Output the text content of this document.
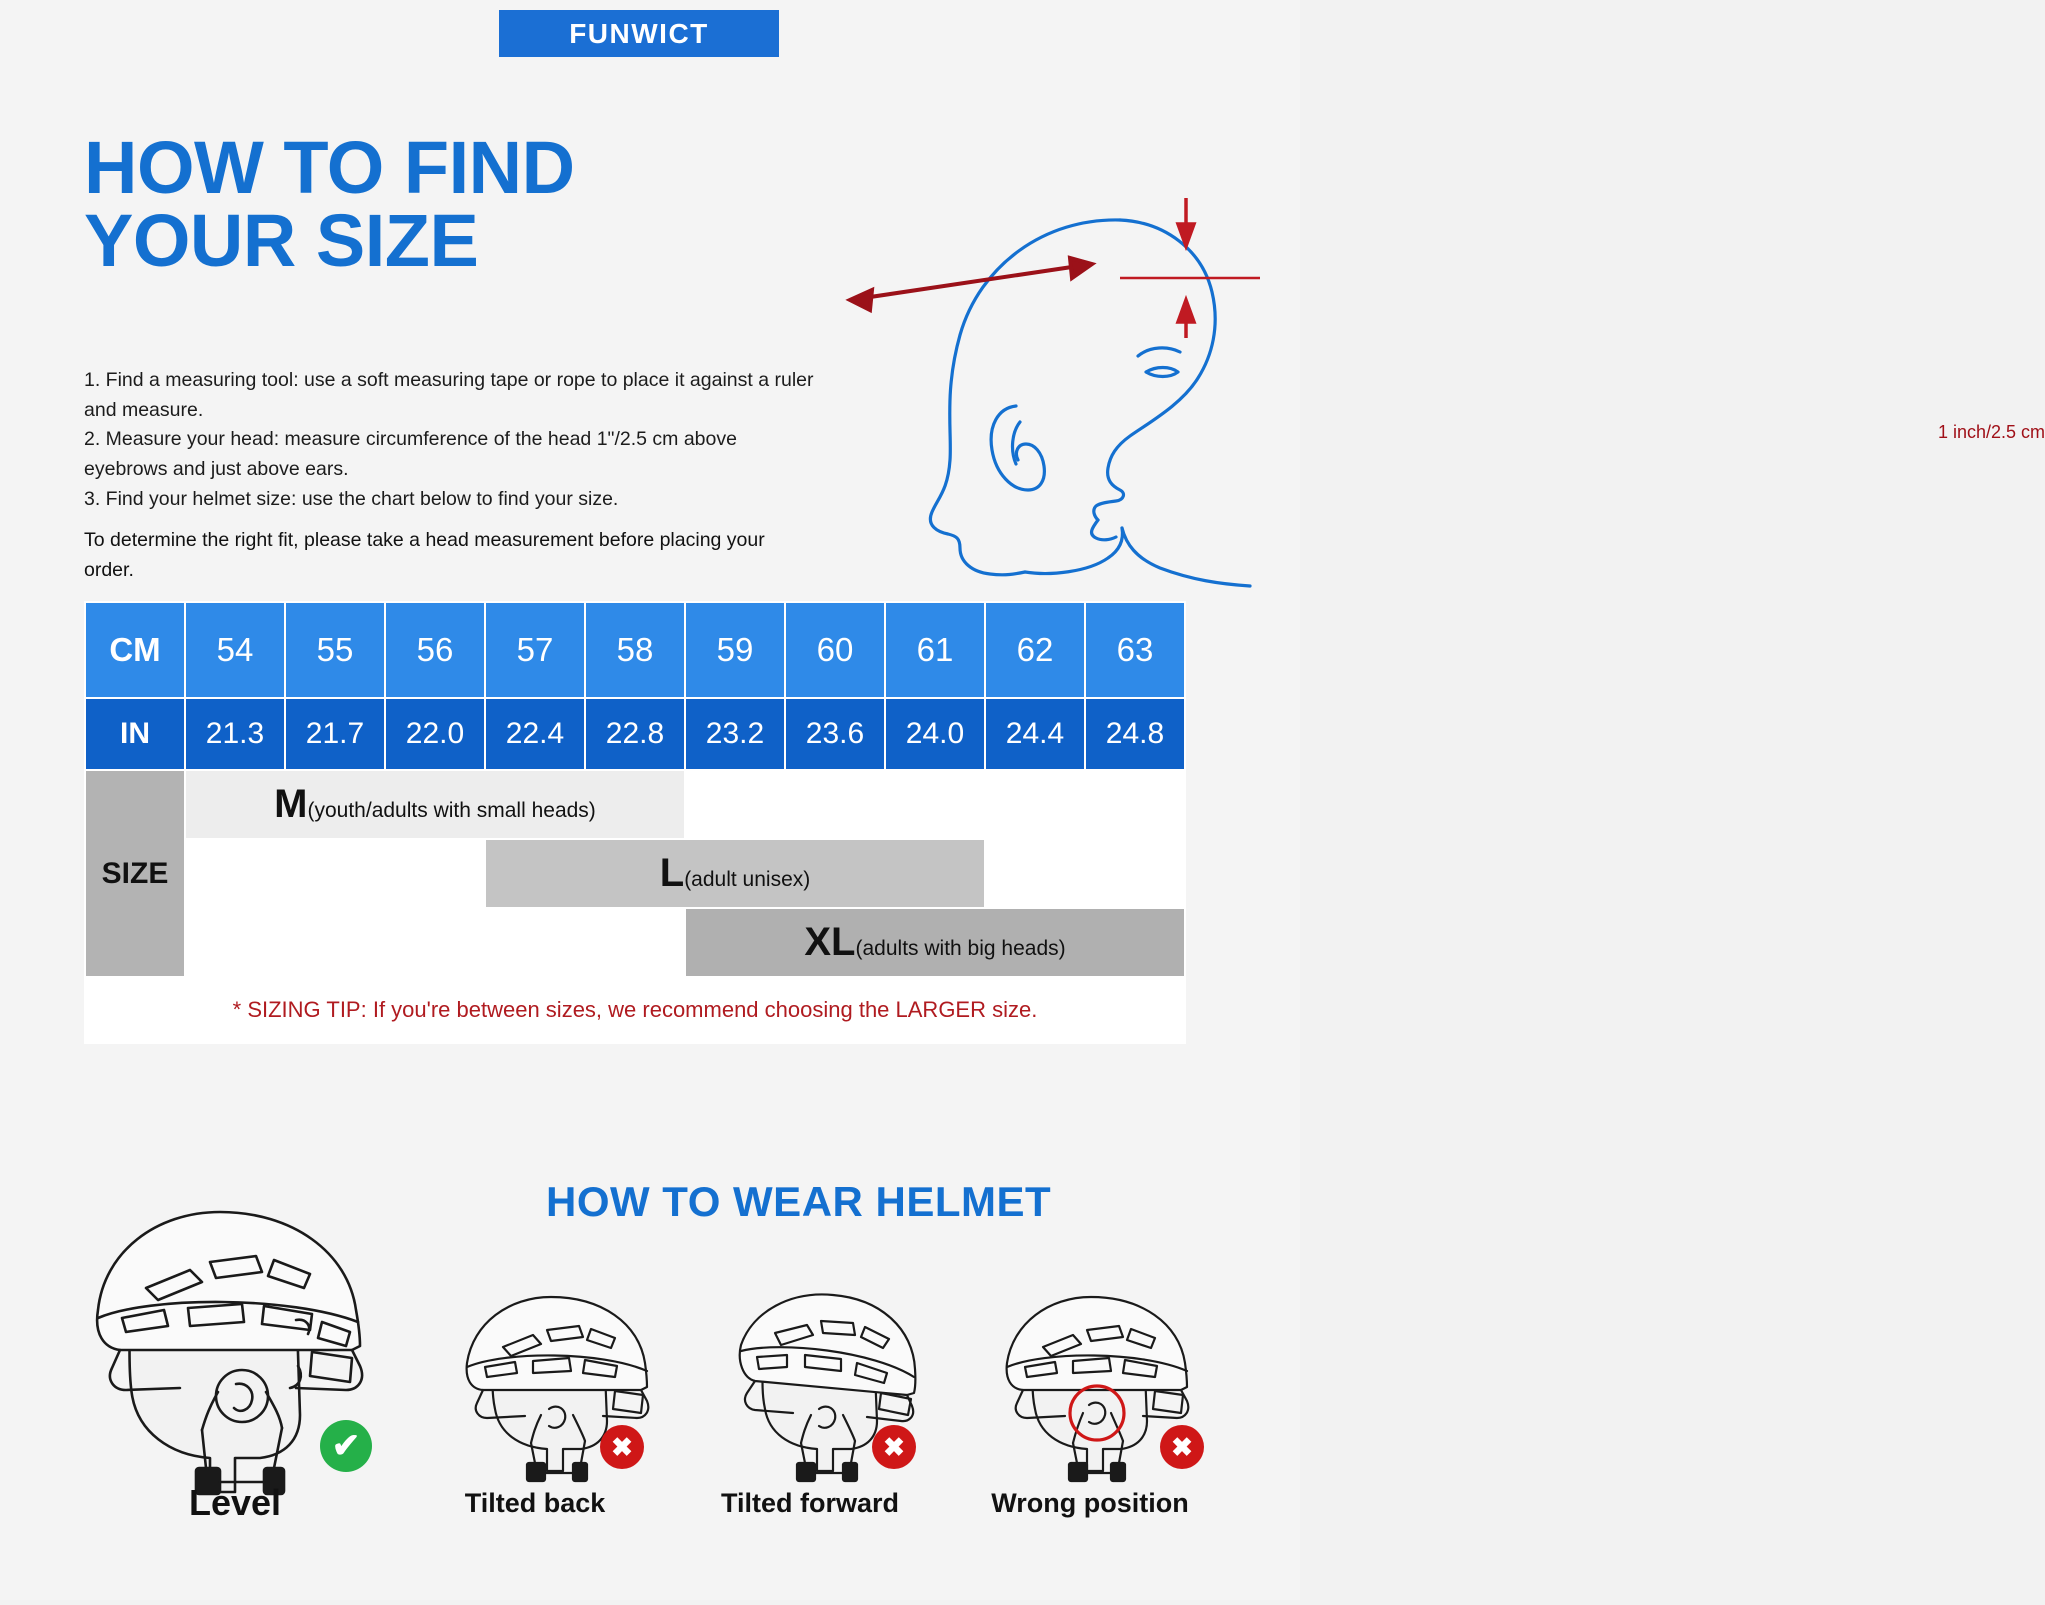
FUNWICT
HOW TO FIND
YOUR SIZE

1. Find a measuring tool: use a soft measuring tape or rope to place it against a ruler and measure.

2. Measure your head: measure circumference of the head 1"/2.5 cm above eyebrows and just above ears.

3. Find your helmet size: use the chart below to find your size.

To determine the right fit, please take a head measurement before placing your order.

1 inch/2.5 cm
CM	54	55	56	57	58	59	60	61	62	63
IN	21.3	21.7	22.0	22.4	22.8	23.2	23.6	24.0	24.4	24.8
SIZE	M(youth/adults with small heads)									
				L(adult unisex)						
						XL(adults with big heads)				
* SIZING TIP: If you're between sizes, we recommend choosing the LARGER size.										
HOW TO WEAR HELMET
Level	Tilted back	Tilted forward	Wrong position
✔	✖	✖	✖
